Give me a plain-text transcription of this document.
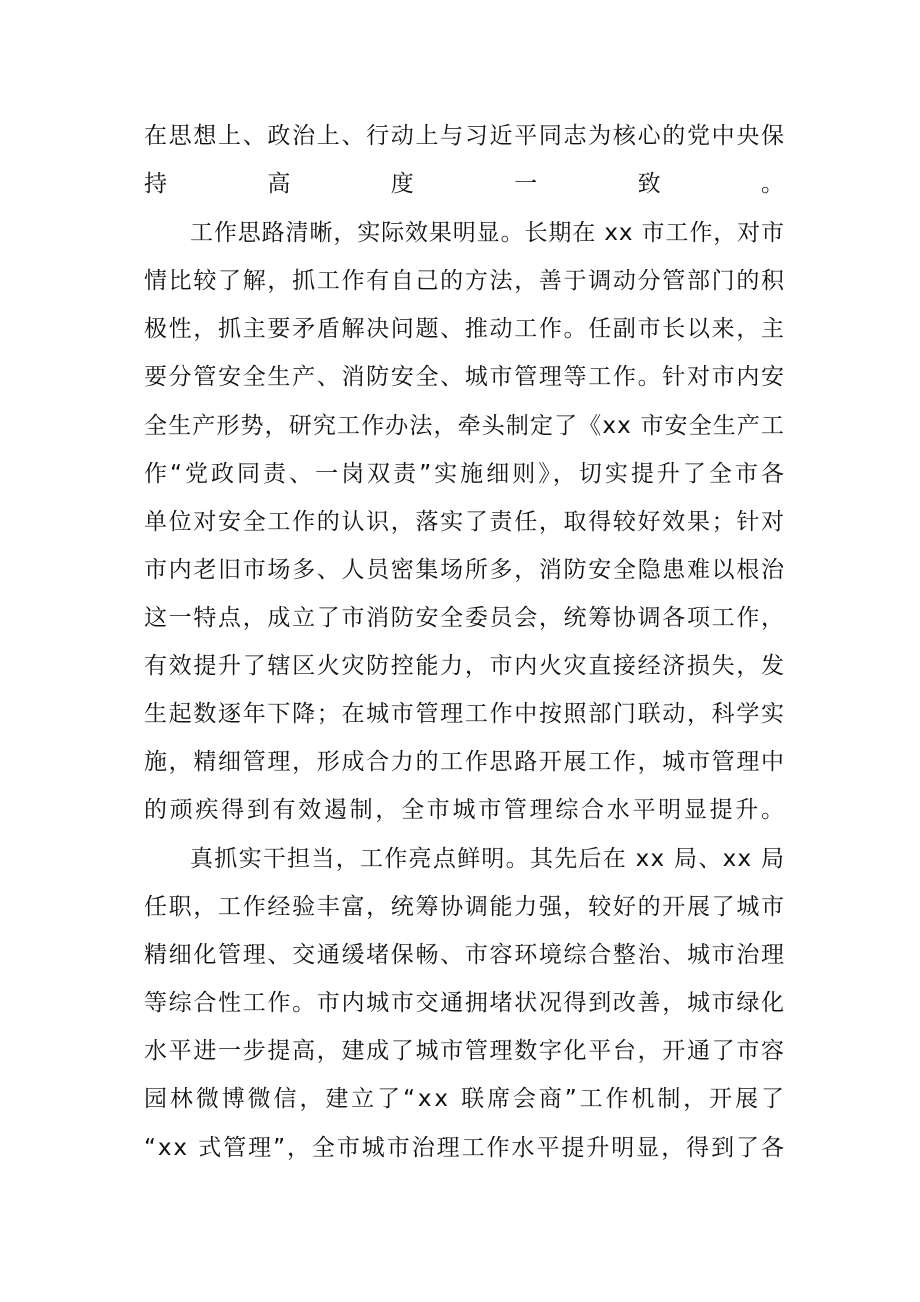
在思想上、政治上、行动上与习近平同志为核心的党中央保
持高度一致。
工作思路清晰，实际效果明显。长期在 xx 市工作，对市
情比较了解，抓工作有自己的方法，善于调动分管部门的积
极性，抓主要矛盾解决问题、推动工作。任副市长以来，主
要分管安全生产、消防安全、城市管理等工作。针对市内安
全生产形势，研究工作办法，牵头制定了《xx 市安全生产工
作“党政同责、一岗双责”实施细则》，切实提升了全市各
单位对安全工作的认识，落实了责任，取得较好效果；针对
市内老旧市场多、人员密集场所多，消防安全隐患难以根治
这一特点，成立了市消防安全委员会，统筹协调各项工作，
有效提升了辖区火灾防控能力，市内火灾直接经济损失，发
生起数逐年下降；在城市管理工作中按照部门联动，科学实
施，精细管理，形成合力的工作思路开展工作，城市管理中
的顽疾得到有效遏制，全市城市管理综合水平明显提升。
真抓实干担当，工作亮点鲜明。其先后在 xx 局、xx 局
任职，工作经验丰富，统筹协调能力强，较好的开展了城市
精细化管理、交通缓堵保畅、市容环境综合整治、城市治理
等综合性工作。市内城市交通拥堵状况得到改善，城市绿化
水平进一步提高，建成了城市管理数字化平台，开通了市容
园林微博微信，建立了“xx 联席会商”工作机制，开展了
“xx 式管理”，全市城市治理工作水平提升明显，得到了各
